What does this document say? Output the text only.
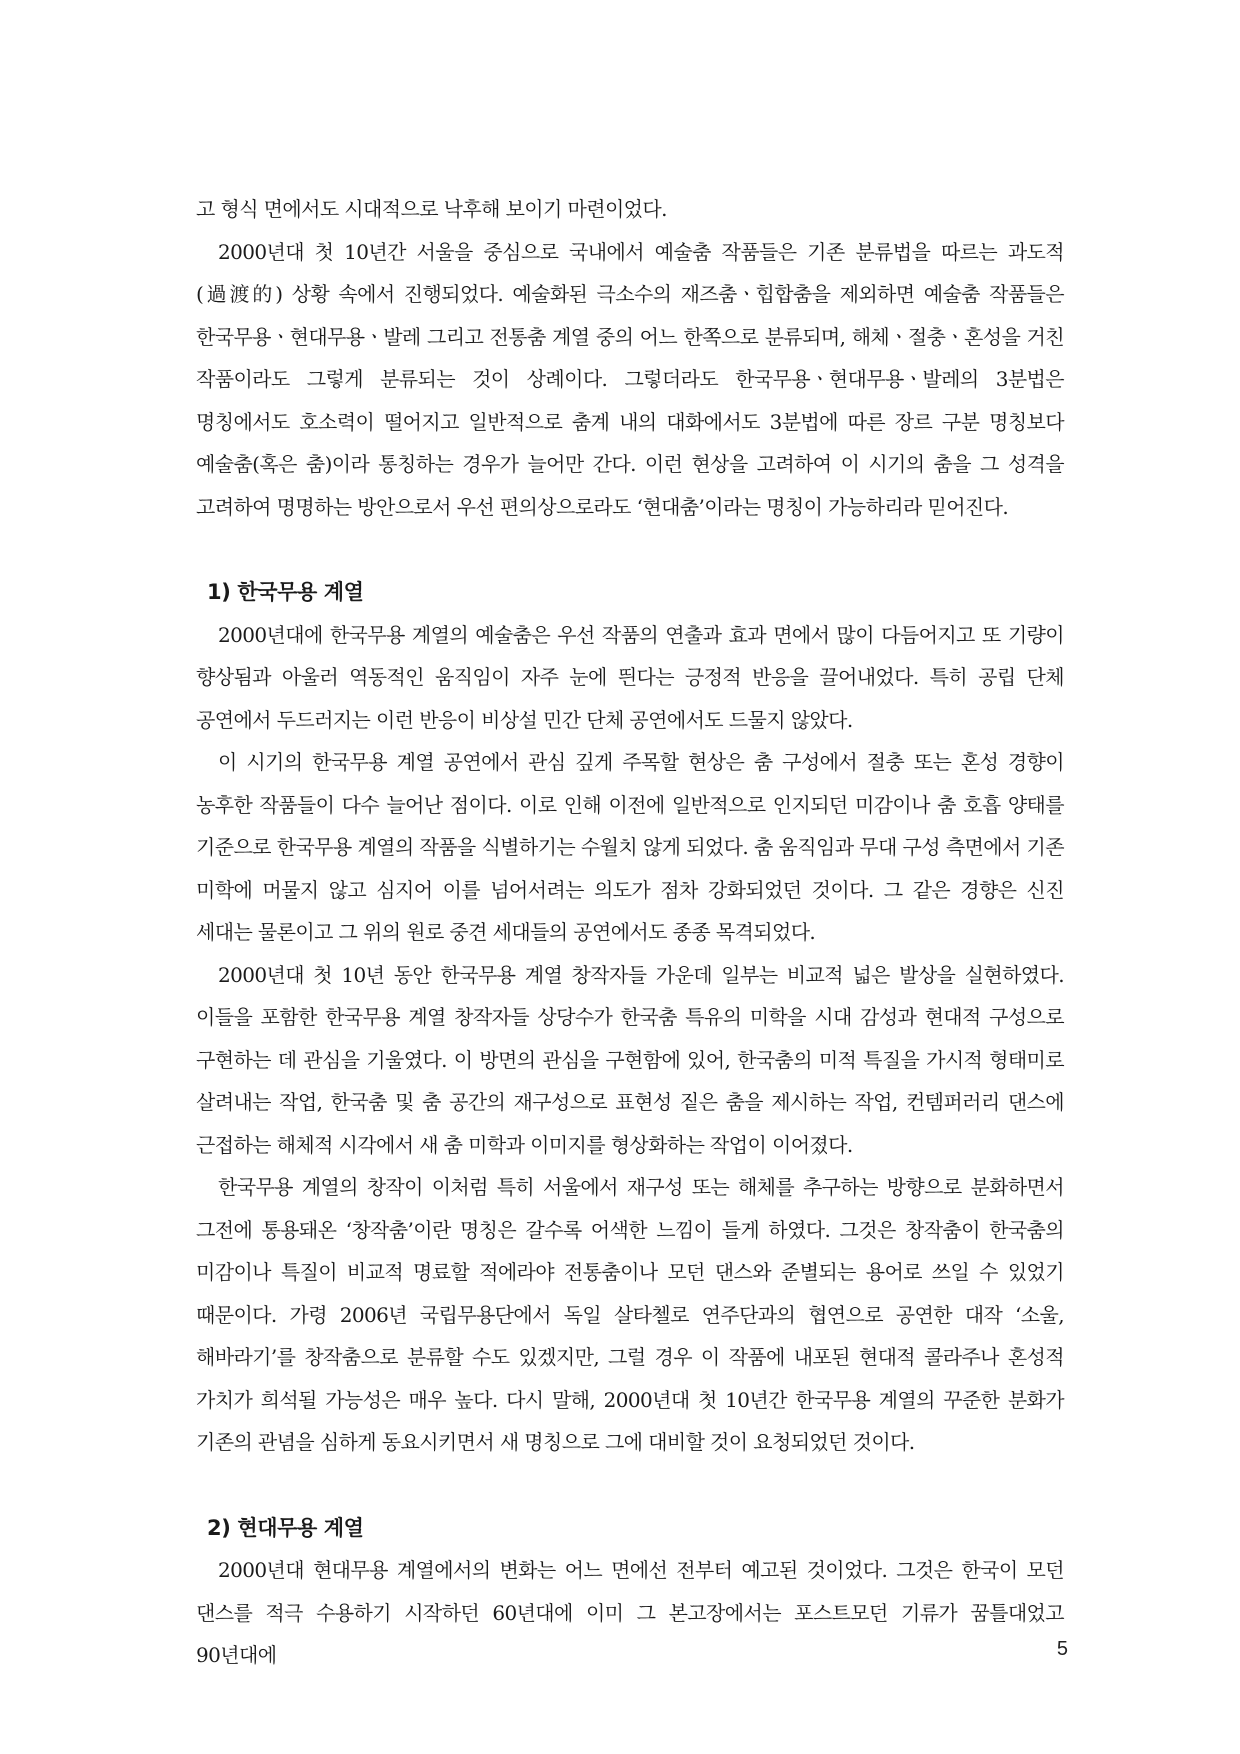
고 형식 면에서도 시대적으로 낙후해 보이기 마련이었다.

2000년대 첫 10년간 서울을 중심으로 국내에서 예술춤 작품들은 기존 분류법을 따르는 과도적(過渡的) 상황 속에서 진행되었다. 예술화된 극소수의 재즈춤ㆍ힙합춤을 제외하면 예술춤 작품들은 한국무용ㆍ현대무용ㆍ발레 그리고 전통춤 계열 중의 어느 한쪽으로 분류되며, 해체ㆍ절충ㆍ혼성을 거친 작품이라도 그렇게 분류되는 것이 상례이다. 그렇더라도 한국무용ㆍ현대무용ㆍ발레의 3분법은 명칭에서도 호소력이 떨어지고 일반적으로 춤계 내의 대화에서도 3분법에 따른 장르 구분 명칭보다 예술춤(혹은 춤)이라 통칭하는 경우가 늘어만 간다. 이런 현상을 고려하여 이 시기의 춤을 그 성격을 고려하여 명명하는 방안으로서 우선 편의상으로라도 ‘현대춤’이라는 명칭이 가능하리라 믿어진다.

1) 한국무용 계열

2000년대에 한국무용 계열의 예술춤은 우선 작품의 연출과 효과 면에서 많이 다듬어지고 또 기량이 향상됨과 아울러 역동적인 움직임이 자주 눈에 띈다는 긍정적 반응을 끌어내었다. 특히 공립 단체 공연에서 두드러지는 이런 반응이 비상설 민간 단체 공연에서도 드물지 않았다.

이 시기의 한국무용 계열 공연에서 관심 깊게 주목할 현상은 춤 구성에서 절충 또는 혼성 경향이 농후한 작품들이 다수 늘어난 점이다. 이로 인해 이전에 일반적으로 인지되던 미감이나 춤 호흡 양태를 기준으로 한국무용 계열의 작품을 식별하기는 수월치 않게 되었다. 춤 움직임과 무대 구성 측면에서 기존 미학에 머물지 않고 심지어 이를 넘어서려는 의도가 점차 강화되었던 것이다. 그 같은 경향은 신진 세대는 물론이고 그 위의 원로 중견 세대들의 공연에서도 종종 목격되었다.

2000년대 첫 10년 동안 한국무용 계열 창작자들 가운데 일부는 비교적 넓은 발상을 실현하였다. 이들을 포함한 한국무용 계열 창작자들 상당수가 한국춤 특유의 미학을 시대 감성과 현대적 구성으로 구현하는 데 관심을 기울였다. 이 방면의 관심을 구현함에 있어, 한국춤의 미적 특질을 가시적 형태미로 살려내는 작업, 한국춤 및 춤 공간의 재구성으로 표현성 짙은 춤을 제시하는 작업, 컨템퍼러리 댄스에 근접하는 해체적 시각에서 새 춤 미학과 이미지를 형상화하는 작업이 이어졌다.

한국무용 계열의 창작이 이처럼 특히 서울에서 재구성 또는 해체를 추구하는 방향으로 분화하면서 그전에 통용돼온 ‘창작춤’이란 명칭은 갈수록 어색한 느낌이 들게 하였다. 그것은 창작춤이 한국춤의 미감이나 특질이 비교적 명료할 적에라야 전통춤이나 모던 댄스와 준별되는 용어로 쓰일 수 있었기 때문이다. 가령 2006년 국립무용단에서 독일 살타첼로 연주단과의 협연으로 공연한 대작 ‘소울, 해바라기’를 창작춤으로 분류할 수도 있겠지만, 그럴 경우 이 작품에 내포된 현대적 콜라주나 혼성적 가치가 희석될 가능성은 매우 높다. 다시 말해, 2000년대 첫 10년간 한국무용 계열의 꾸준한 분화가 기존의 관념을 심하게 동요시키면서 새 명칭으로 그에 대비할 것이 요청되었던 것이다.

2) 현대무용 계열

2000년대 현대무용 계열에서의 변화는 어느 면에선 전부터 예고된 것이었다. 그것은 한국이 모던 댄스를 적극 수용하기 시작하던 60년대에 이미 그 본고장에서는 포스트모던 기류가 꿈틀대었고 90년대에	5
